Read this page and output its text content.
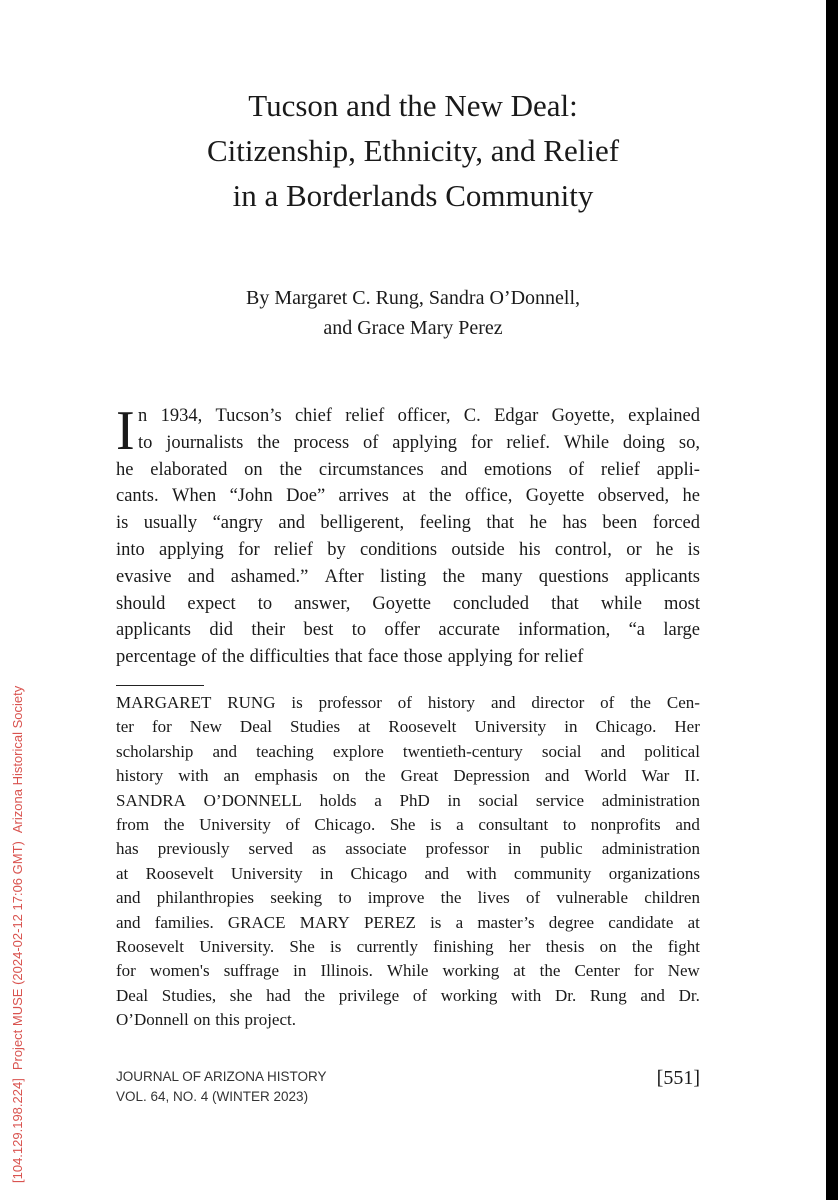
[104.129.198.224]Project MUSE (2024-02-12 17:06 GMT)Arizona Historical Society
Tucson and the New Deal:
Citizenship, Ethnicity, and Relief
in a Borderlands Community
By Margaret C. Rung, Sandra O’Donnell,
and Grace Mary Perez
I n 1934, Tucson’s chief relief officer, C. Edgar Goyette, explained
to journalists the process of applying for relief. While doing so,
he elaborated on the circumstances and emotions of relief appli-
cants. When “John Doe” arrives at the office, Goyette observed, he
is usually “angry and belligerent, feeling that he has been forced
into applying for relief by conditions outside his control, or he is
evasive and ashamed.” After listing the many questions applicants
should expect to answer, Goyette concluded that while most
applicants did their best to offer accurate information, “a large
percentage of the difficulties that face those applying for relief
MARGARET RUNG is professor of history and director of the Cen-
ter for New Deal Studies at Roosevelt University in Chicago. Her
scholarship and teaching explore twentieth-century social and political
history with an emphasis on the Great Depression and World War II.
SANDRA O’DONNELL holds a PhD in social service administration
from the University of Chicago. She is a consultant to nonprofits and
has previously served as associate professor in public administration
at Roosevelt University in Chicago and with community organizations
and philanthropies seeking to improve the lives of vulnerable children
and families. GRACE MARY PEREZ is a master’s degree candidate at
Roosevelt University. She is currently finishing her thesis on the fight
for women's suffrage in Illinois. While working at the Center for New
Deal Studies, she had the privilege of working with Dr. Rung and Dr.
O’Donnell on this project.
JOURNAL OF ARIZONA HISTORY
VOL. 64, NO. 4 (WINTER 2023)
[551]
